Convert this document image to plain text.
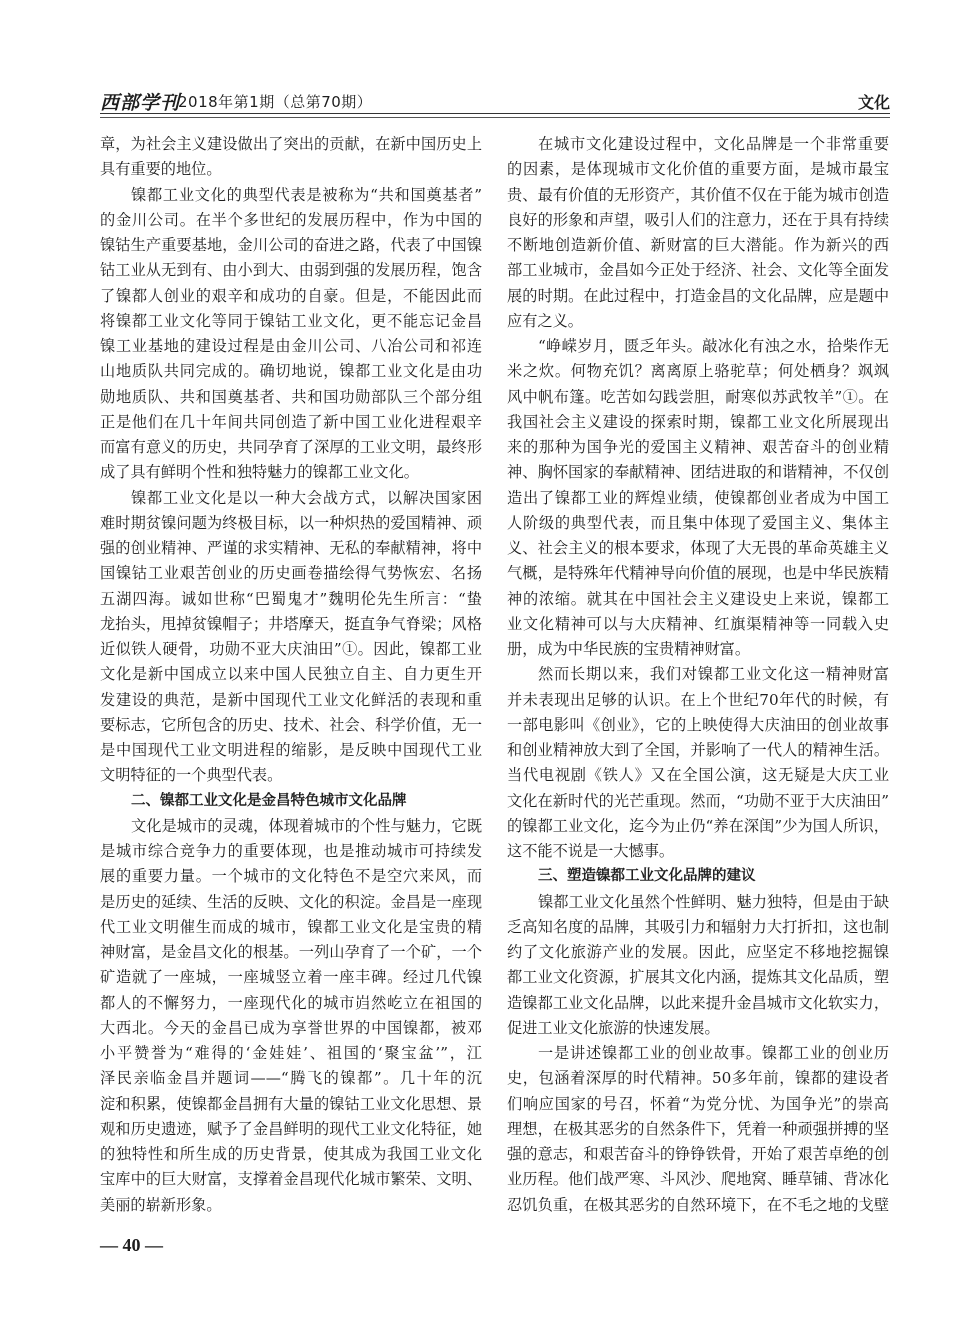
西部学刊
2018年第1期（总第70期）	文化
章，为社会主义建设做出了突出的贡献，在新中国历史上
具有重要的地位。
镍都工业文化的典型代表是被称为“共和国奠基者”
的金川公司。在半个多世纪的发展历程中，作为中国的
镍钴生产重要基地，金川公司的奋进之路，代表了中国镍
钴工业从无到有、由小到大、由弱到强的发展历程，饱含
了镍都人创业的艰辛和成功的自豪。但是，不能因此而
将镍都工业文化等同于镍钴工业文化，更不能忘记金昌
镍工业基地的建设过程是由金川公司、八冶公司和祁连
山地质队共同完成的。确切地说，镍都工业文化是由功
勋地质队、共和国奠基者、共和国功勋部队三个部分组
正是他们在几十年间共同创造了新中国工业化进程艰辛
而富有意义的历史，共同孕育了深厚的工业文明，最终形
成了具有鲜明个性和独特魅力的镍都工业文化。
镍都工业文化是以一种大会战方式，以解决国家困
难时期贫镍问题为终极目标，以一种炽热的爱国精神、顽
强的创业精神、严谨的求实精神、无私的奉献精神，将中
国镍钴工业艰苦创业的历史画卷描绘得气势恢宏、名扬
五湖四海。诚如世称“巴蜀鬼才”魏明伦先生所言：“蛰
龙抬头，甩掉贫镍帽子；井塔摩天，挺直争气脊梁；风格
近似铁人硬骨，功勋不亚大庆油田”①。因此，镍都工业
文化是新中国成立以来中国人民独立自主、自力更生开
发建设的典范，是新中国现代工业文化鲜活的表现和重
要标志，它所包含的历史、技术、社会、科学价值，无一
是中国现代工业文明进程的缩影，是反映中国现代工业
文明特征的一个典型代表。
二、镍都工业文化是金昌特色城市文化品牌
文化是城市的灵魂，体现着城市的个性与魅力，它既
是城市综合竞争力的重要体现，也是推动城市可持续发
展的重要力量。一个城市的文化特色不是空穴来风，而
是历史的延续、生活的反映、文化的积淀。金昌是一座现
代工业文明催生而成的城市，镍都工业文化是宝贵的精
神财富，是金昌文化的根基。一列山孕育了一个矿，一个
矿造就了一座城，一座城竖立着一座丰碑。经过几代镍
都人的不懈努力，一座现代化的城市岿然屹立在祖国的
大西北。今天的金昌已成为享誉世界的中国镍都，被邓
小平赞誉为“难得的‘金娃娃’、祖国的‘聚宝盆’”，江
泽民亲临金昌并题词——“腾飞的镍都”。几十年的沉
淀和积累，使镍都金昌拥有大量的镍钴工业文化思想、景
观和历史遗迹，赋予了金昌鲜明的现代工业文化特征，她
的独特性和所生成的历史背景，使其成为我国工业文化
宝库中的巨大财富，支撑着金昌现代化城市繁荣、文明、
美丽的崭新形象。
在城市文化建设过程中，文化品牌是一个非常重要
的因素，是体现城市文化价值的重要方面，是城市最宝
贵、最有价值的无形资产，其价值不仅在于能为城市创造
良好的形象和声望，吸引人们的注意力，还在于具有持续
不断地创造新价值、新财富的巨大潜能。作为新兴的西
部工业城市，金昌如今正处于经济、社会、文化等全面发
展的时期。在此过程中，打造金昌的文化品牌，应是题中
应有之义。
“峥嵘岁月，匮乏年头。敲冰化有浊之水，拾柴作无
米之炊。何物充饥？离离原上骆驼草；何处栖身？飒飒
风中帆布篷。吃苦如勾践尝胆，耐寒似苏武牧羊”①。在
我国社会主义建设的探索时期，镍都工业文化所展现出
来的那种为国争光的爱国主义精神、艰苦奋斗的创业精
神、胸怀国家的奉献精神、团结进取的和谐精神，不仅创
造出了镍都工业的辉煌业绩，使镍都创业者成为中国工
人阶级的典型代表，而且集中体现了爱国主义、集体主
义、社会主义的根本要求，体现了大无畏的革命英雄主义
气概，是特殊年代精神导向价值的展现，也是中华民族精
神的浓缩。就其在中国社会主义建设史上来说，镍都工
业文化精神可以与大庆精神、红旗渠精神等一同载入史
册，成为中华民族的宝贵精神财富。
然而长期以来，我们对镍都工业文化这一精神财富
并未表现出足够的认识。在上个世纪70年代的时候，有
一部电影叫《创业》，它的上映使得大庆油田的创业故事
和创业精神放大到了全国，并影响了一代人的精神生活。
当代电视剧《铁人》又在全国公演，这无疑是大庆工业
文化在新时代的光芒重现。然而，“功勋不亚于大庆油田”
的镍都工业文化，迄今为止仍“养在深闺”少为国人所识，
这不能不说是一大憾事。
三、塑造镍都工业文化品牌的建议
镍都工业文化虽然个性鲜明、魅力独特，但是由于缺
乏高知名度的品牌，其吸引力和辐射力大打折扣，这也制
约了文化旅游产业的发展。因此，应坚定不移地挖掘镍
都工业文化资源，扩展其文化内涵，提炼其文化品质，塑
造镍都工业文化品牌，以此来提升金昌城市文化软实力，
促进工业文化旅游的快速发展。
一是讲述镍都工业的创业故事。镍都工业的创业历
史，包涵着深厚的时代精神。50多年前，镍都的建设者
们响应国家的号召，怀着“为党分忧、为国争光”的崇高
理想，在极其恶劣的自然条件下，凭着一种顽强拼搏的坚
强的意志，和艰苦奋斗的铮铮铁骨，开始了艰苦卓绝的创
业历程。他们战严寒、斗风沙、爬地窝、睡草铺、背冰化
忍饥负重，在极其恶劣的自然环境下，在不毛之地的戈壁
— 40 —
